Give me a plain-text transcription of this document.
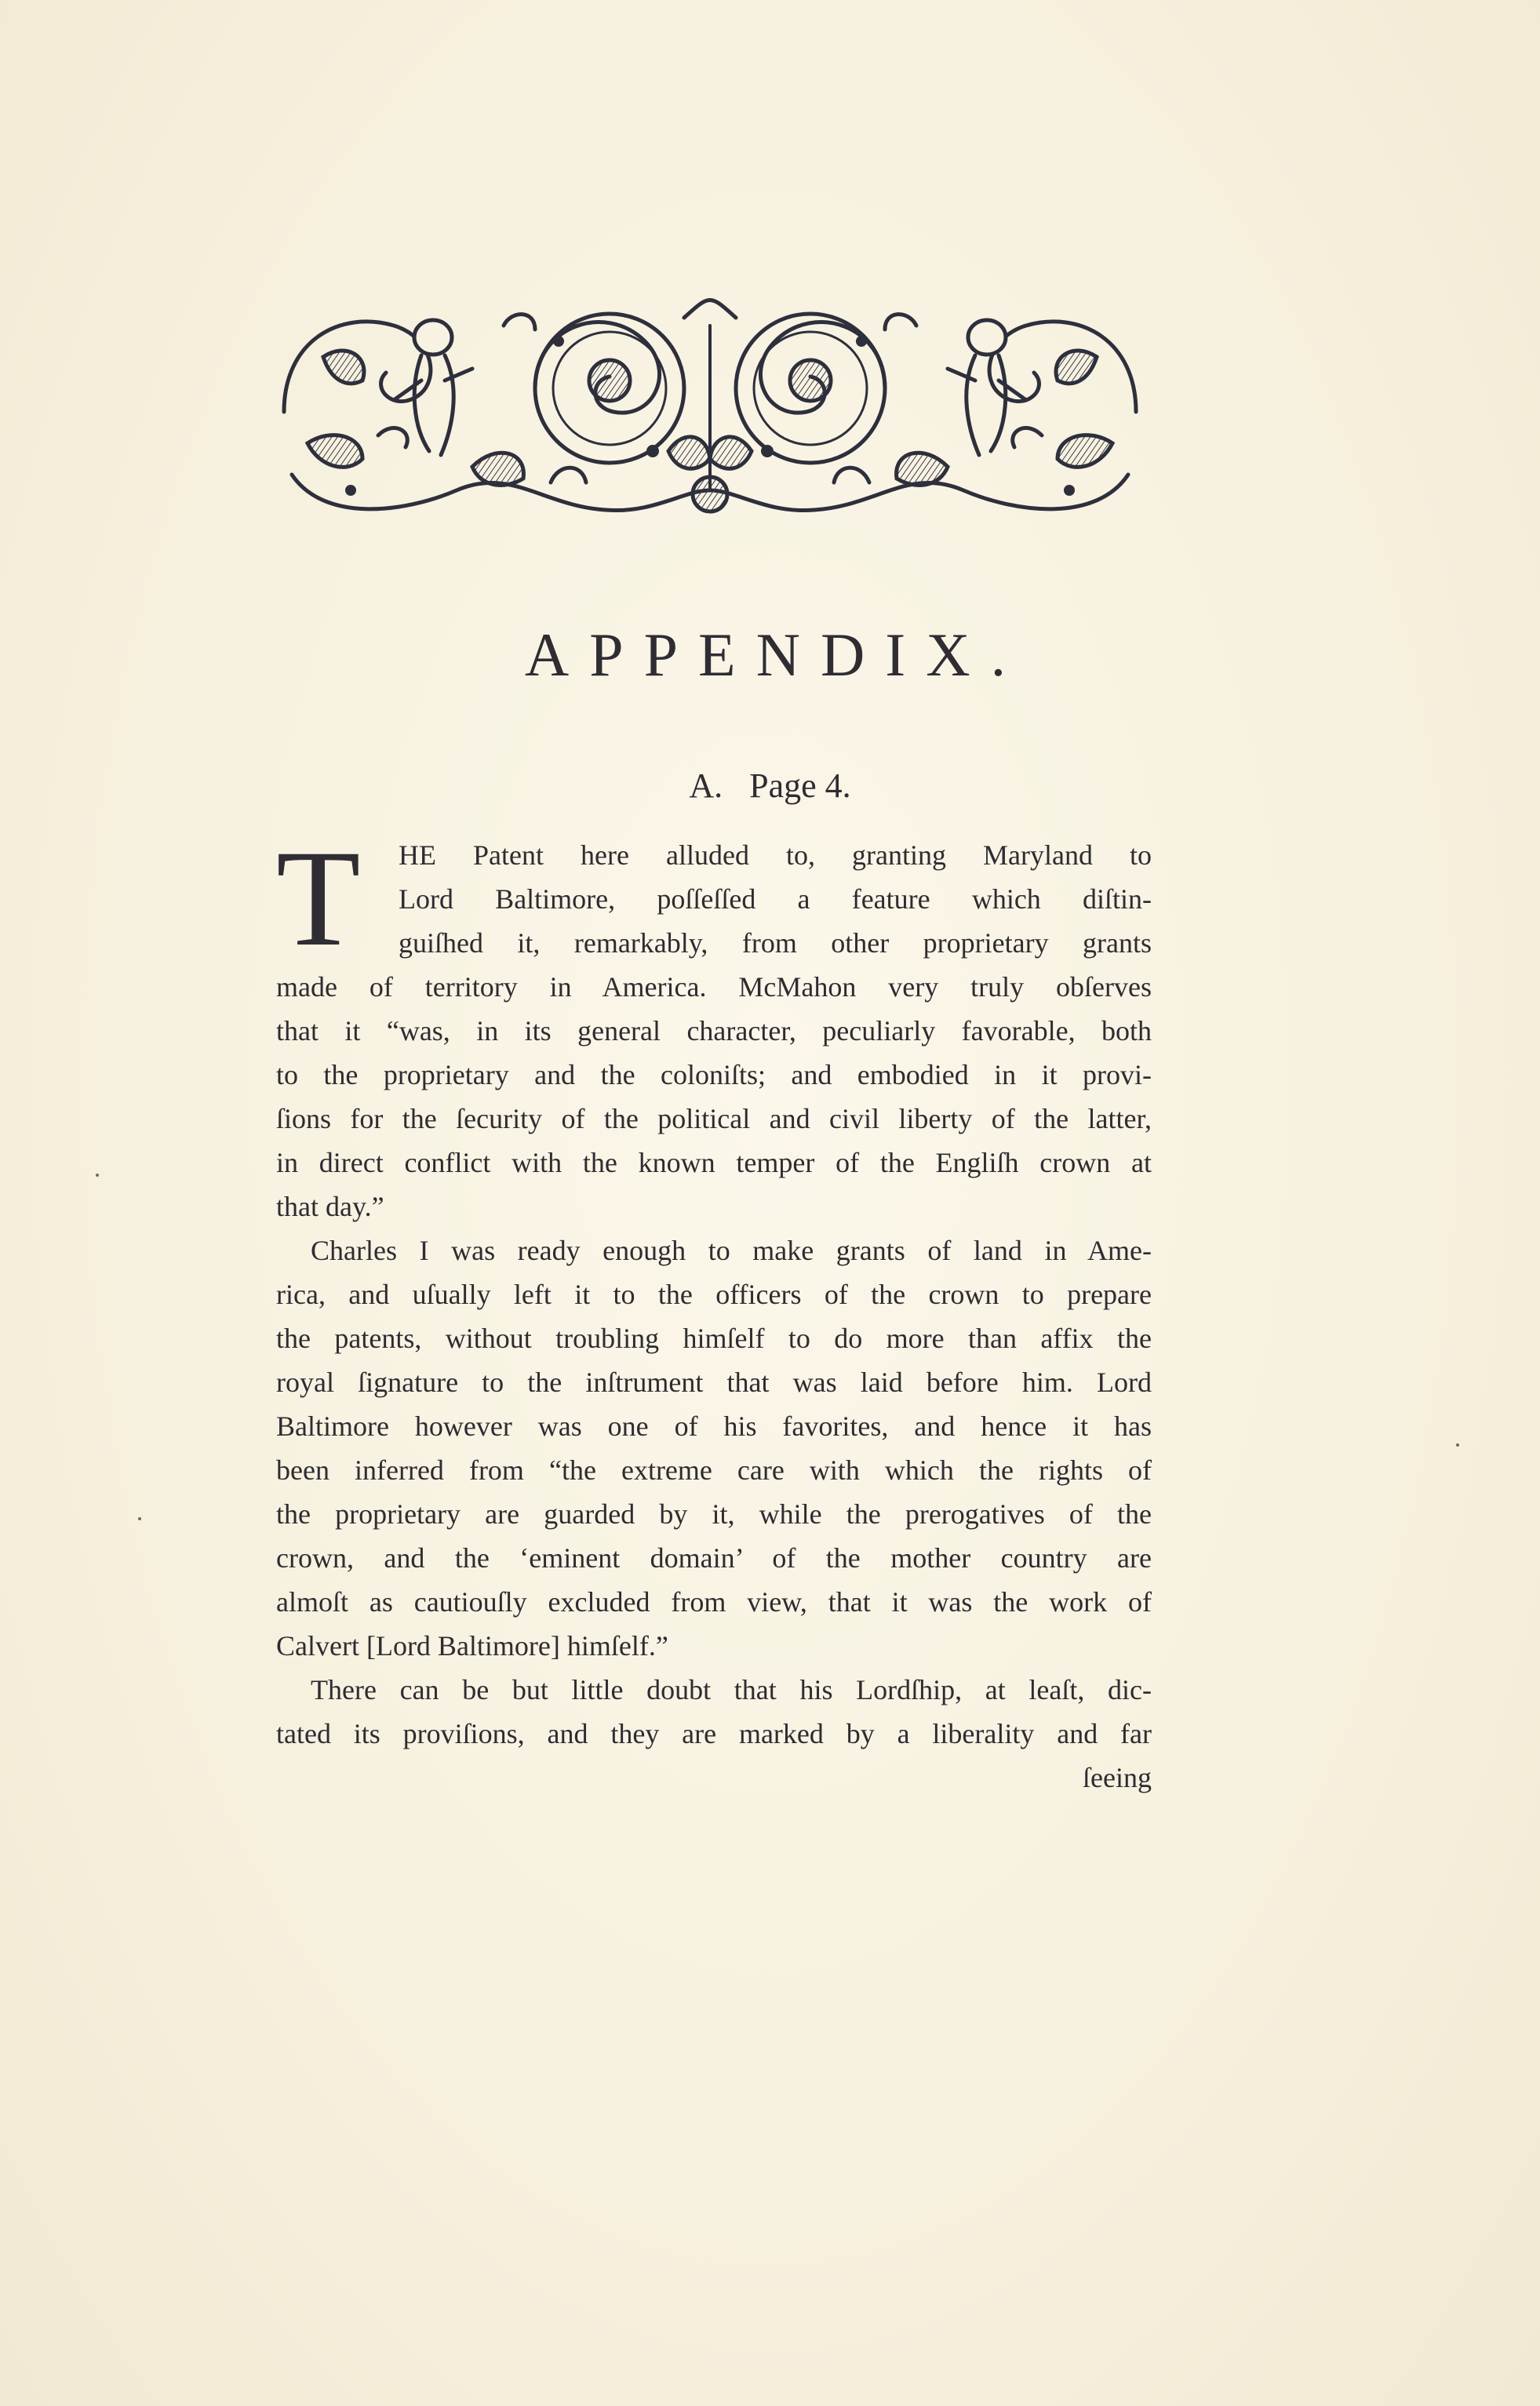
APPENDIX.
A. Page 4.
T	HE Patent here alluded to, granting Maryland to
Lord Baltimore, poſſeſſed a feature which diſtin-
guiſhed it, remarkably, from other proprietary grants
made of territory in America. McMahon very truly obſerves
that it “was, in its general character, peculiarly favorable, both
to the proprietary and the coloniſts; and embodied in it provi-
ſions for the ſecurity of the political and civil liberty of the latter,
in direct conflict with the known temper of the Engliſh crown at
that day.”
Charles I was ready enough to make grants of land in Ame-
rica, and uſually left it to the officers of the crown to prepare
the patents, without troubling himſelf to do more than affix the
royal ſignature to the inſtrument that was laid before him. Lord
Baltimore however was one of his favorites, and hence it has
been inferred from “the extreme care with which the rights of
the proprietary are guarded by it, while the prerogatives of the
crown, and the ‘eminent domain’ of the mother country are
almoſt as cautiouſly excluded from view, that it was the work of
Calvert [Lord Baltimore] himſelf.”
There can be but little doubt that his Lordſhip, at leaſt, dic-
tated its proviſions, and they are marked by a liberality and far
ſeeing
